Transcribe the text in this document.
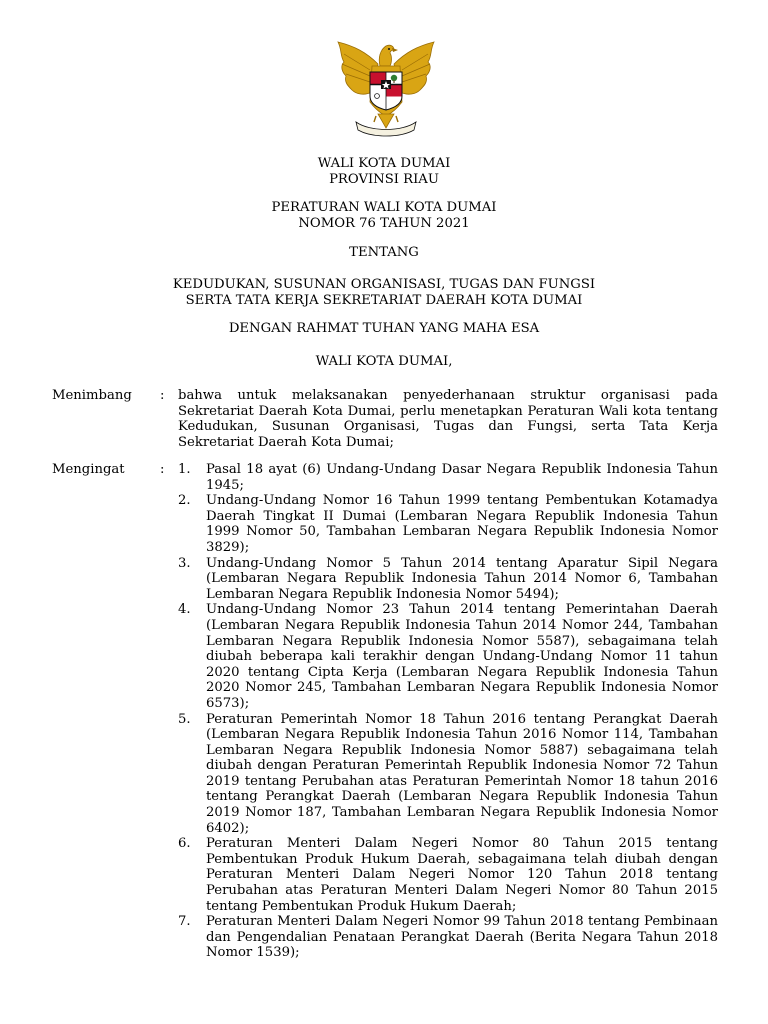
WALI KOTA DUMAI
PROVINSI RIAU
PERATURAN WALI KOTA DUMAI
NOMOR 76 TAHUN 2021
TENTANG
KEDUDUKAN, SUSUNAN ORGANISASI, TUGAS DAN FUNGSI
SERTA TATA KERJA SEKRETARIAT DAERAH KOTA DUMAI
DENGAN RAHMAT TUHAN YANG MAHA ESA
WALI KOTA DUMAI,
Menimbang : bahwa untuk melaksanakan penyederhanaan struktur organisasi pada Sekretariat Daerah Kota Dumai, perlu menetapkan Peraturan Wali kota tentang Kedudukan, Susunan Organisasi, Tugas dan Fungsi, serta Tata Kerja Sekretariat Daerah Kota Dumai;
Mengingat	: 1. Pasal 18 ayat (6) Undang-Undang Dasar Negara Republik Indonesia Tahun 1945;
2. Undang-Undang Nomor 16 Tahun 1999 tentang Pembentukan Kotamadya Daerah Tingkat II Dumai (Lembaran Negara Republik Indonesia Tahun 1999 Nomor 50, Tambahan Lembaran Negara Republik Indonesia Nomor 3829);
3. Undang-Undang Nomor 5 Tahun 2014 tentang Aparatur Sipil Negara (Lembaran Negara Republik Indonesia Tahun 2014 Nomor 6, Tambahan Lembaran Negara Republik Indonesia Nomor 5494);
4. Undang-Undang Nomor 23 Tahun 2014 tentang Pemerintahan Daerah (Lembaran Negara Republik Indonesia Tahun 2014 Nomor 244, Tambahan Lembaran Negara Republik Indonesia Nomor 5587), sebagaimana telah diubah beberapa kali terakhir dengan Undang-Undang Nomor 11 tahun 2020 tentang Cipta Kerja (Lembaran Negara Republik Indonesia Tahun 2020 Nomor 245, Tambahan Lembaran Negara Republik Indonesia Nomor 6573);
5. Peraturan Pemerintah Nomor 18 Tahun 2016 tentang Perangkat Daerah (Lembaran Negara Republik Indonesia Tahun 2016 Nomor 114, Tambahan Lembaran Negara Republik Indonesia Nomor 5887) sebagaimana telah diubah dengan Peraturan Pemerintah Republik Indonesia Nomor 72 Tahun 2019 tentang Perubahan atas Peraturan Pemerintah Nomor 18 tahun 2016 tentang Perangkat Daerah (Lembaran Negara Republik Indonesia Tahun 2019 Nomor 187, Tambahan Lembaran Negara Republik Indonesia Nomor 6402);
6. Peraturan Menteri Dalam Negeri Nomor 80 Tahun 2015 tentang Pembentukan Produk Hukum Daerah, sebagaimana telah diubah dengan Peraturan Menteri Dalam Negeri Nomor 120 Tahun 2018 tentang Perubahan atas Peraturan Menteri Dalam Negeri Nomor 80 Tahun 2015 tentang Pembentukan Produk Hukum Daerah;
7. Peraturan Menteri Dalam Negeri Nomor 99 Tahun 2018 tentang Pembinaan dan Pengendalian Penataan Perangkat Daerah (Berita Negara Tahun 2018 Nomor 1539);
